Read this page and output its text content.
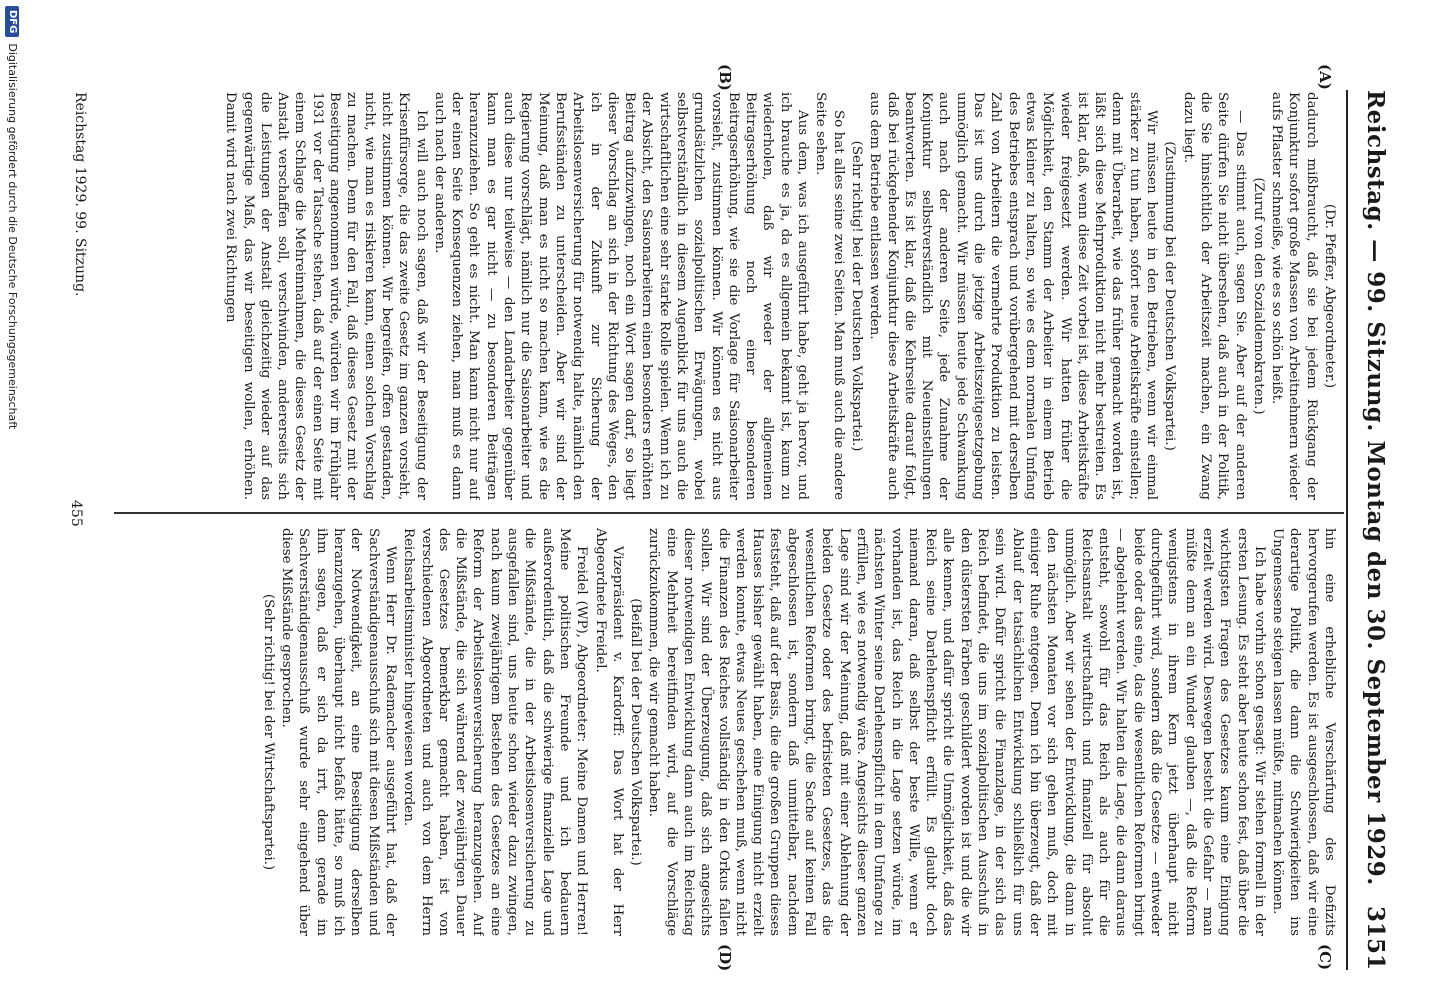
Reichstag. — 99. Sitzung. Montag den 30. September 1929.
3151
(A)
(B)
(C)
(D)

(Dr. Pfeffer, Abgeordneter.)

dadurch mißbraucht, daß sie bei jedem Rückgang der Konjunktur sofort große Massen von Arbeitnehmern wieder aufs Pflaster schmeiße, wie es so schön heißt.

(Zuruf von den Sozialdemokraten.)

— Das stimmt auch, sagen Sie. Aber auf der anderen Seite dürfen Sie nicht übersehen, daß auch in der Politik, die Sie hinsichtlich der Arbeitszeit machen, ein Zwang dazu liegt.

(Zustimmung bei der Deutschen Volkspartei.)

Wir müssen heute in den Betrieben, wenn wir einmal stärker zu tun haben, sofort neue Arbeitskräfte einstellen; denn mit Überarbeit, wie das früher gemacht worden ist, läßt sich diese Mehrproduktion nicht mehr bestreiten. Es ist klar, daß, wenn diese Zeit vorbei ist, diese Arbeitskräfte wieder freigesetzt werden. Wir hatten früher die Möglichkeit, den Stamm der Arbeiter in einem Betrieb etwas kleiner zu halten, so wie es dem normalen Umfang des Betriebes entsprach und vorübergehend mit derselben Zahl von Arbeitern die vermehrte Produktion zu leisten. Das ist uns durch die jetzige Arbeitszeitgesetzgebung unmöglich gemacht. Wir müssen heute jede Schwankung auch nach der anderen Seite, jede Zunahme der Konjunktur selbstverständlich mit Neueinstellungen beantworten. Es ist klar, daß die Kehrseite darauf folgt, daß bei rückgehender Konjunktur diese Arbeitskräfte auch aus dem Betriebe entlassen werden.

(Sehr richtig! bei der Deutschen Volkspartei.)

So hat alles seine zwei Seiten. Man muß auch die andere Seite sehen.

Aus dem, was ich ausgeführt habe, geht ja hervor, und ich brauche es ja, da es allgemein bekannt ist, kaum zu wiederholen, daß wir weder der allgemeinen Beitragserhöhung noch einer besonderen Beitragserhöhung, wie sie die Vorlage für Saisonarbeiter vorsieht, zustimmen können. Wir können es nicht aus grundsätzlichen sozialpolitischen Erwägungen, wobei selbstverständlich in diesem Augenblick für uns auch die wirtschaftlichen eine sehr starke Rolle spielen. Wenn ich zu der Absicht, den Saisonarbeitern einen besonders erhöhten Beitrag aufzuzwingen, noch ein Wort sagen darf, so liegt dieser Vorschlag an sich in der Richtung des Weges, den ich in der Zukunft zur Sicherung der Arbeitslosenversicherung für notwendig halte, nämlich den Berufsständen zu unterscheiden. Aber wir sind der Meinung, daß man es nicht so machen kann, wie es die Regierung vorschlägt, nämlich nur die Saisonarbeiter und auch diese nur teilweise — den Landarbeiter gegenüber kann man es gar nicht — zu besonderen Beiträgen heranzuziehen. So geht es nicht. Man kann nicht nur auf der einen Seite Konsequenzen ziehen, man muß es dann auch nach der anderen.

Ich will auch noch sagen, daß wir der Beseitigung der Krisenfürsorge, die das zweite Gesetz im ganzen vorsieht, nicht zustimmen können. Wir begreifen, offen gestanden, nicht, wie man es riskieren kann, einen solchen Vorschlag zu machen. Denn für den Fall, daß dieses Gesetz mit der Beseitigung angenommen würde, würden wir im Frühjahr 1931 vor der Tatsache stehen, daß auf der einen Seite mit einem Schlage die Mehreinnahmen, die dieses Gesetz der Anstalt verschaffen soll, verschwinden, andererseits sich die Leistungen der Anstalt gleichzeitig wieder auf das gegenwärtige Maß, das wir beseitigen wollen, erhöhen. Damit wird nach zwei Richtungen

hin eine erhebliche Verschärfung des Defizits hervorgerufen werden. Es ist ausgeschlossen, daß wir eine derartige Politik, die dann die Schwierigkeiten ins Ungemessene steigen lassen müßte, mitmachen können.

Ich habe vorhin schon gesagt: Wir stehen formell in der ersten Lesung. Es steht aber heute schon fest, daß über die wichtigsten Fragen des Gesetzes kaum eine Einigung erzielt werden wird. Deswegen besteht die Gefahr — man müßte denn an ein Wunder glauben —, daß die Reform wenigstens in ihrem Kern jetzt überhaupt nicht durchgeführt wird, sondern daß die Gesetze — entweder beide oder das eine, das die wesentlichen Reformen bringt — abgelehnt werden. Wir halten die Lage, die dann daraus entsteht, sowohl für das Reich als auch für die Reichsanstalt wirtschaftlich und finanziell für absolut unmöglich. Aber wir sehen der Entwicklung, die dann in den nächsten Monaten vor sich gehen muß, doch mit einiger Ruhe entgegen. Denn ich bin überzeugt, daß der Ablauf der tatsächlichen Entwicklung schließlich für uns sein wird. Dafür spricht die Finanzlage, in der sich das Reich befindet, die uns im sozialpolitischen Ausschuß in den düstersten Farben geschildert worden ist und die wir alle kennen, und dafür spricht die Unmöglichkeit, daß das Reich seine Darlehenspflicht erfüllt. Es glaubt doch niemand daran, daß selbst der beste Wille, wenn er vorhanden ist, das Reich in die Lage setzen würde, im nächsten Winter seine Darlehenspflicht in dem Umfange zu erfüllen, wie es notwendig wäre. Angesichts dieser ganzen Lage sind wir der Meinung, daß mit einer Ablehnung der beiden Gesetze oder des befristeten Gesetzes, das die wesentlichen Reformen bringt, die Sache auf keinen Fall abgeschlossen ist, sondern daß unmittelbar, nachdem feststeht, daß auf der Basis, die die großen Gruppen dieses Hauses bisher gewählt haben, eine Einigung nicht erzielt werden konnte, etwas Neues geschehen muß, wenn nicht die Finanzen des Reiches vollständig in den Orkus fallen sollen. Wir sind der Überzeugung, daß sich angesichts dieser notwendigen Entwicklung dann auch im Reichstag eine Mehrheit bereitfinden wird, auf die Vorschläge zurückzukommen, die wir gemacht haben.

(Beifall bei der Deutschen Volkspartei.)

Vizepräsident v. Kardorff: Das Wort hat der Herr Abgeordnete Freidel.

Freidel (WP), Abgeordneter: Meine Damen und Herren! Meine politischen Freunde und ich bedauern außerordentlich, daß die schwierige finanzielle Lage und die Mißstände, die in der Arbeitslosenversicherung zu ausgefallen sind, uns heute schon wieder dazu zwingen, nach kaum zweijährigem Bestehen des Gesetzes an eine Reform der Arbeitslosenversicherung heranzugehen. Auf die Mißstände, die sich während der zweijährigen Dauer des Gesetzes bemerkbar gemacht haben, ist von verschiedenen Abgeordneten und auch von dem Herrn Reichsarbeitsminister hingewiesen worden.

Wenn Herr Dr. Rademacher ausgeführt hat, daß der Sachverständigenausschuß sich mit diesen Mißständen und der Notwendigkeit, an eine Beseitigung derselben heranzugehen, überhaupt nicht befaßt hätte, so muß ich ihm sagen, daß er sich da irrt, denn gerade im Sachverständigenausschuß wurde sehr eingehend über diese Mißstände gesprochen.

(Sehr richtig! bei der Wirtschaftspartei.)

Reichstag 1929. 99. Sitzung.
455
DFG
Digitalisierung gefördert durch die Deutsche Forschungsgemeinschaft
